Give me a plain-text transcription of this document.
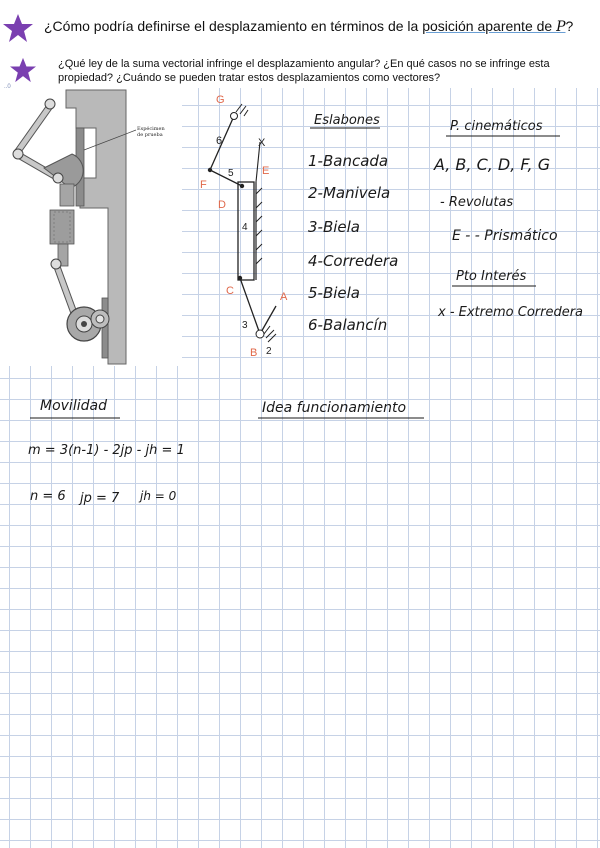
¿Cómo podría definirse el desplazamiento en términos de la posición aparente de P?
¿Qué ley de la suma vectorial infringe el desplazamiento angular? ¿En qué casos no se infringe esta propiedad? ¿Cuándo se pueden tratar estos desplazamientos como vectores?
..0
Espécimen
de prueba
G
6	X
E
F
5
D
4
C	A
3
B 2
Eslabones
1-Bancada
2-Manivela
3-Biela
4-Corredera
5-Biela
6-Balancín
P. cinemáticos
A, B, C, D, F, G
- Revolutas
E - - Prismático
Pto Interés
x - Extremo Corredera
Movilidad
m = 3(n-1) - 2jp - jh = 1
n = 6 jp = 7 jh = 0
Idea funcionamiento
